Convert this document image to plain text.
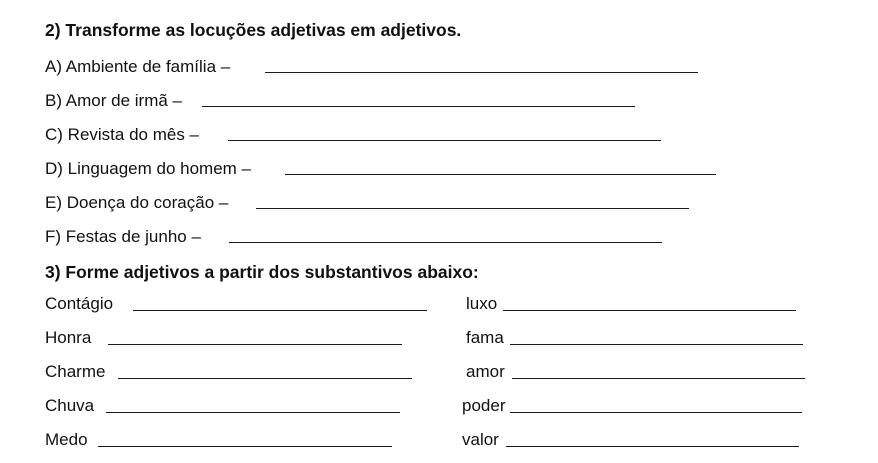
2) Transforme as locuções adjetivas em adjetivos.
A) Ambiente de família –
B) Amor de irmã –
C) Revista do mês –
D) Linguagem do homem –
E) Doença do coração –
F) Festas de junho –
3) Forme adjetivos a partir dos substantivos abaixo:
Contágio
Honra
Charme
Chuva
Medo
luxo
fama
amor
poder
valor
